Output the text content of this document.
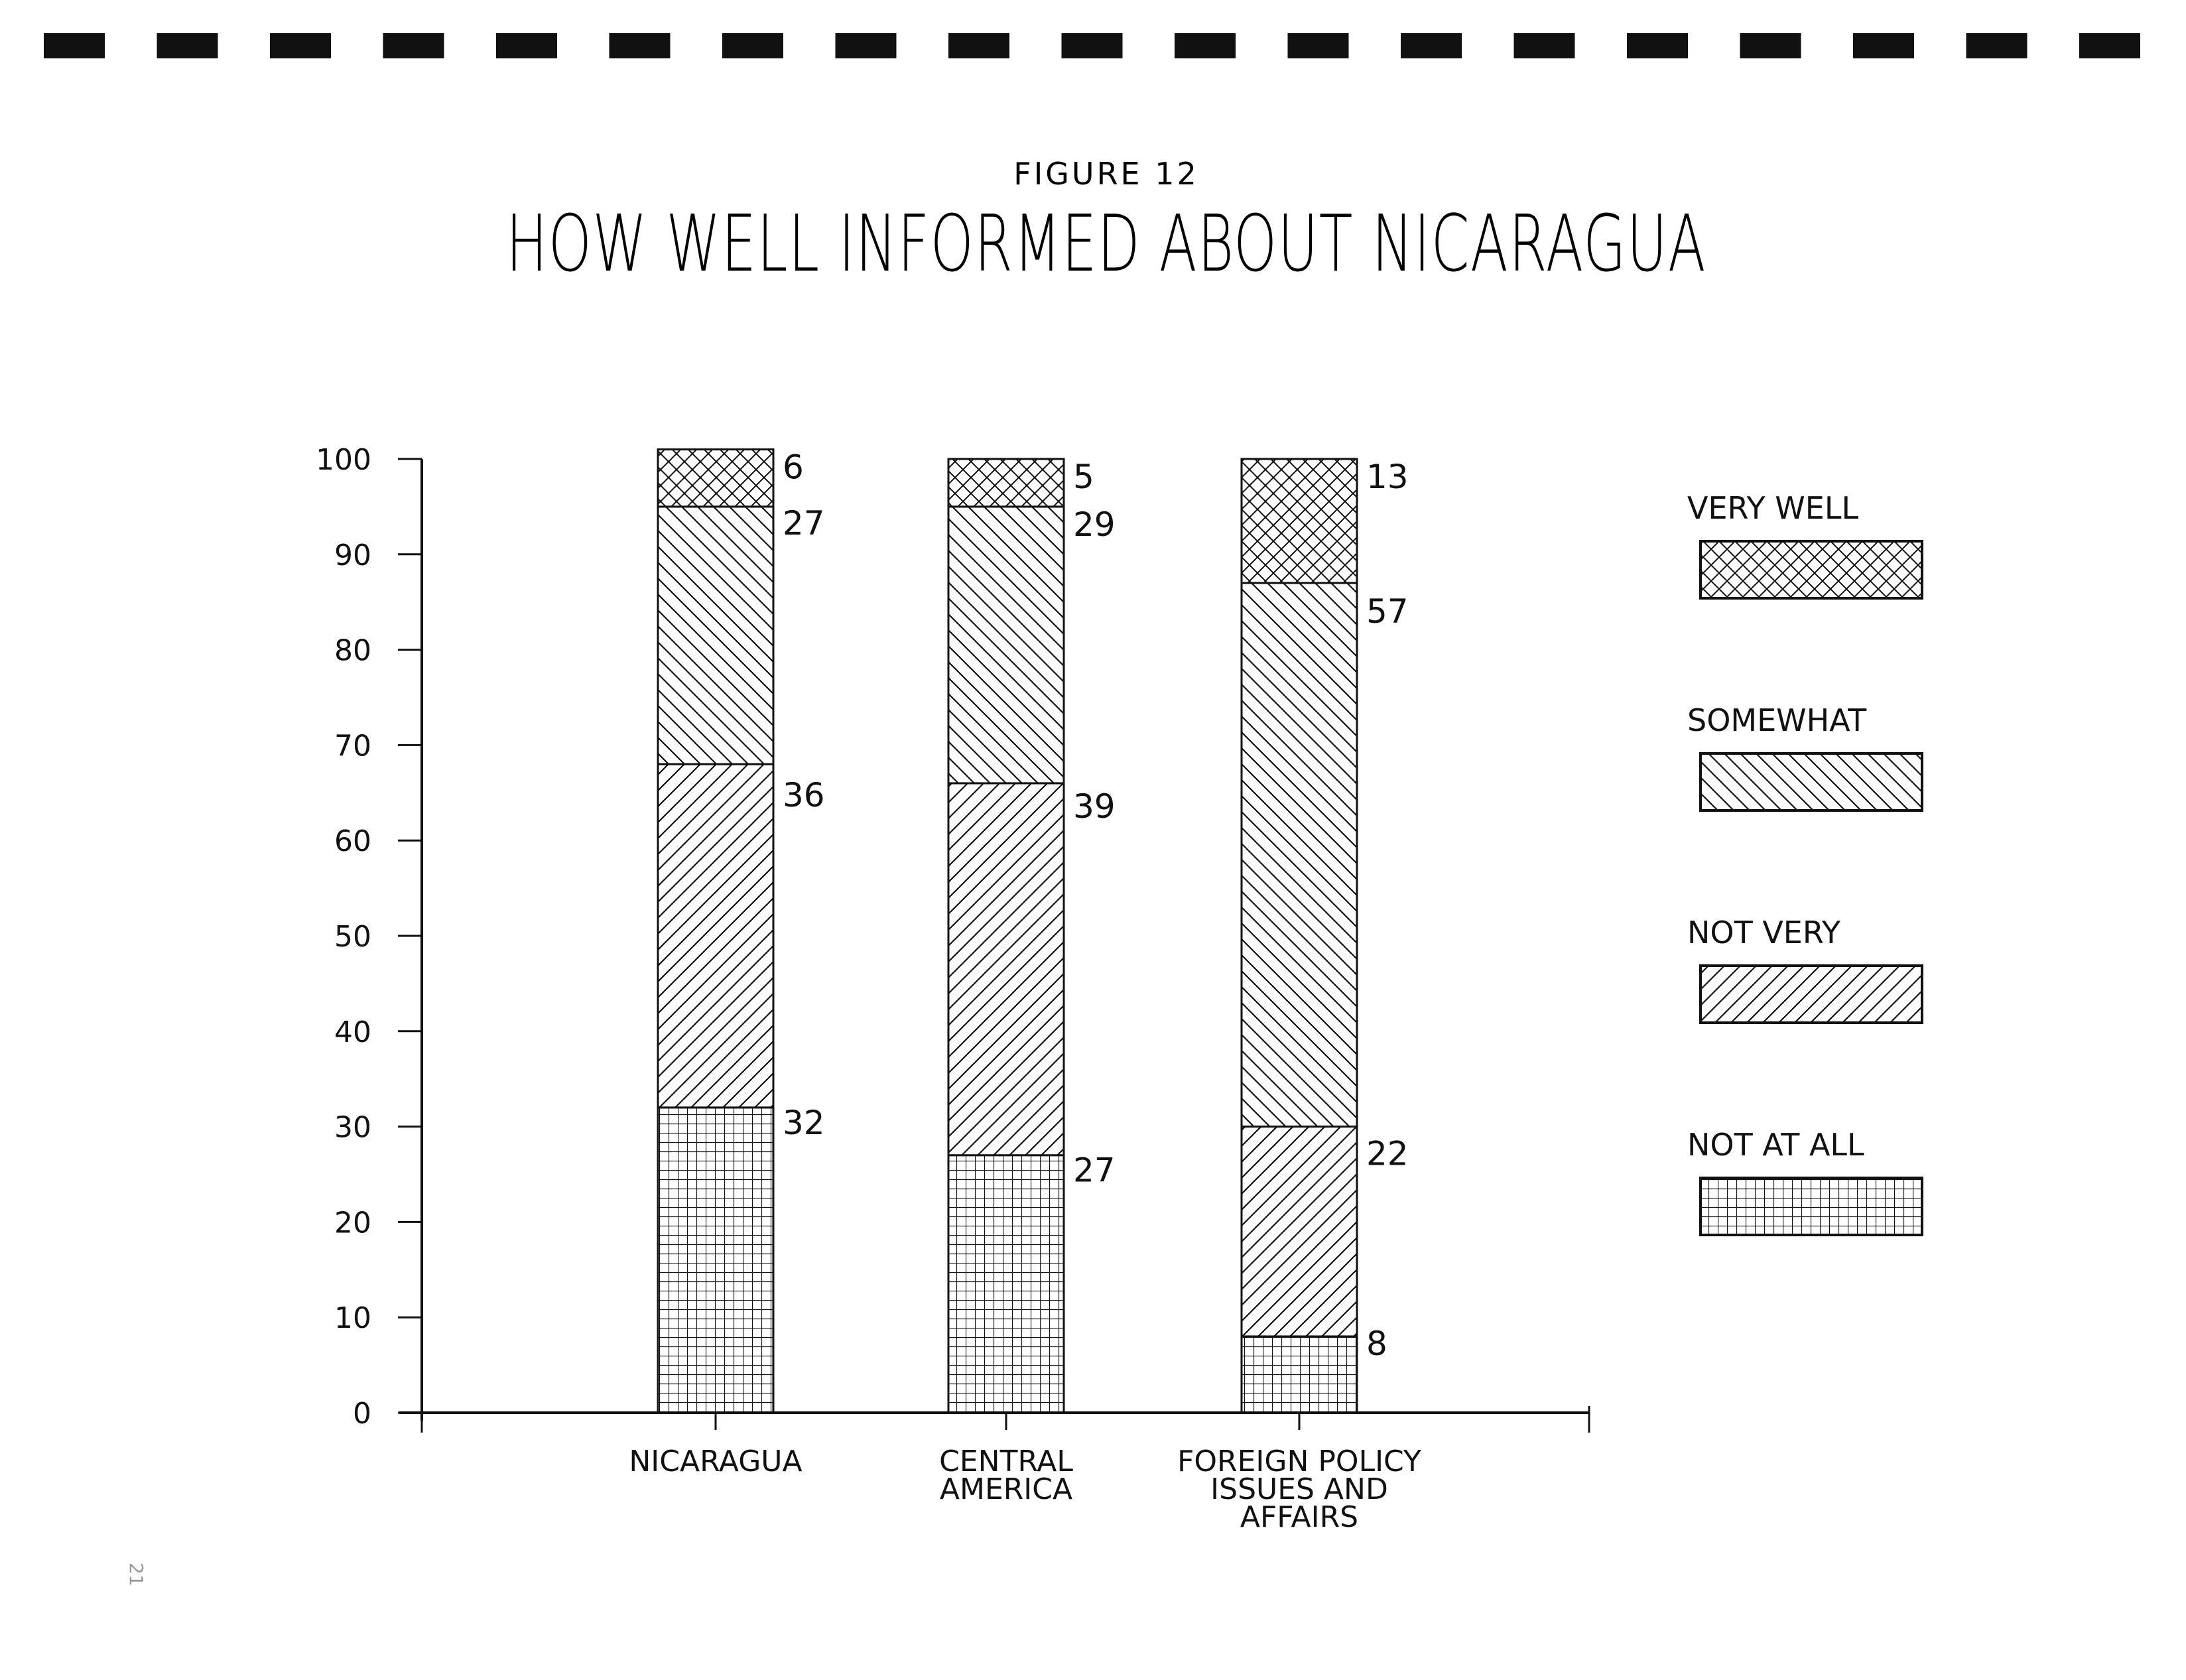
FIGURE 12
HOW WELL INFORMED ABOUT NICARAGUA
0
10
20
30
40
50
60
70
80
90
100
NICARAGUA	CENTRAL
AMERICA
FOREIGN POLICY
ISSUES AND
AFFAIRS
32
36
27
6
27
39
29
5
8
22
57
13
VERY WELL
SOMEWHAT
NOT VERY
NOT AT ALL
21
